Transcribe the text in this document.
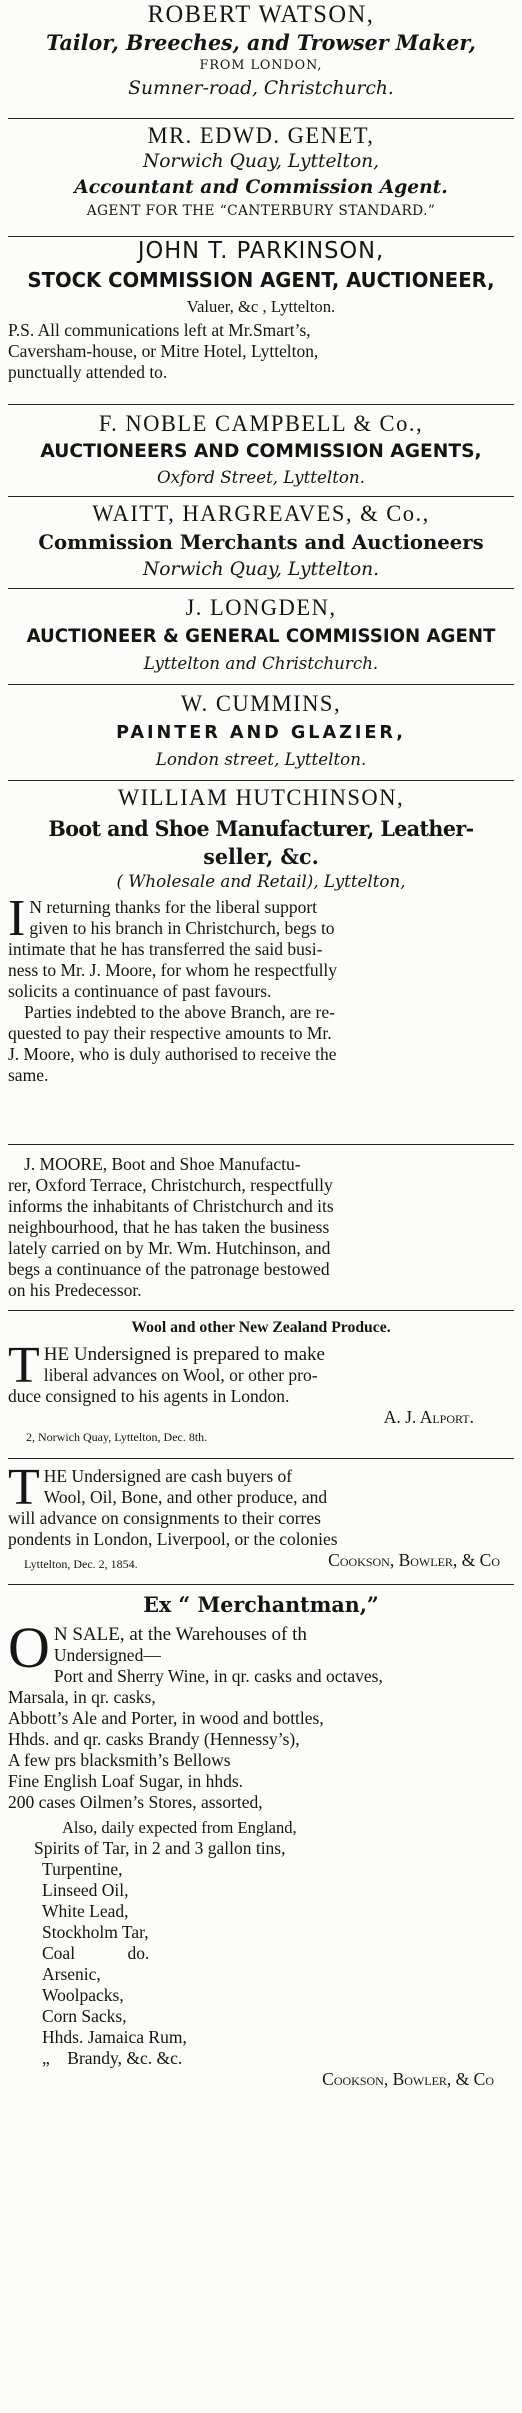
ROBERT WATSON,
Tailor, Breeches, and Trowser Maker,
FROM LONDON,
Sumner-road, Christchurch.
MR. EDWD. GENET,
Norwich Quay, Lyttelton,
Accountant and Commission Agent.
AGENT FOR THE “CANTERBURY STANDARD.”
JOHN T. PARKINSON,
STOCK COMMISSION AGENT, AUCTIONEER,
Valuer, &c , Lyttelton.
P.S. All communications left at Mr.Smart’s,
Caversham-house, or Mitre Hotel, Lyttelton,
punctually attended to.
F. NOBLE CAMPBELL & Co.,
AUCTIONEERS AND COMMISSION AGENTS,
Oxford Street, Lyttelton.
WAITT, HARGREAVES, & Co.,
Commission Merchants and Auctioneers
Norwich Quay, Lyttelton.
J. LONGDEN,
AUCTIONEER & GENERAL COMMISSION AGENT
Lyttelton and Christchurch.
W. CUMMINS,
PAINTER AND GLAZIER,
London street, Lyttelton.
WILLIAM HUTCHINSON,
Boot and Shoe Manufacturer, Leather-
seller, &c.
( Wholesale and Retail), Lyttelton,
I N returning thanks for the liberal support
given to his branch in Christchurch, begs to
intimate that he has transferred the said busi-
ness to Mr. J. Moore, for whom he respectfully
solicits a continuance of past favours.
Parties indebted to the above Branch, are re-
quested to pay their respective amounts to Mr.
J. Moore, who is duly authorised to receive the
same.
J. MOORE, Boot and Shoe Manufactu-
rer, Oxford Terrace, Christchurch, respectfully
informs the inhabitants of Christchurch and its
neighbourhood, that he has taken the business
lately carried on by Mr. Wm. Hutchinson, and
begs a continuance of the patronage bestowed
on his Predecessor.
Wool and other New Zealand Produce.
T HE Undersigned is prepared to make
liberal advances on Wool, or other pro-
duce consigned to his agents in London.
A. J. Alport.
2, Norwich Quay, Lyttelton, Dec. 8th.
T HE Undersigned are cash buyers of
Wool, Oil, Bone, and other produce, and
will advance on consignments to their corres
pondents in London, Liverpool, or the colonies
Lyttelton, Dec. 2, 1854.	Cookson, Bowler, & Co
Ex “ Merchantman,”
O N SALE, at the Warehouses of th
Undersigned—
Port and Sherry Wine, in qr. casks and octaves,
Marsala, in qr. casks,
Abbott’s Ale and Porter, in wood and bottles,
Hhds. and qr. casks Brandy (Hennessy’s),
A few prs blacksmith’s Bellows
Fine English Loaf Sugar, in hhds.
200 cases Oilmen’s Stores, assorted,
Also, daily expected from England,
Spirits of Tar, in 2 and 3 gallon tins,
Turpentine,
Linseed Oil,
White Lead,
Stockholm Tar,
Coal            do.
Arsenic,
Woolpacks,
Corn Sacks,
Hhds. Jamaica Rum,
„    Brandy, &c. &c.
Cookson, Bowler, & Co
